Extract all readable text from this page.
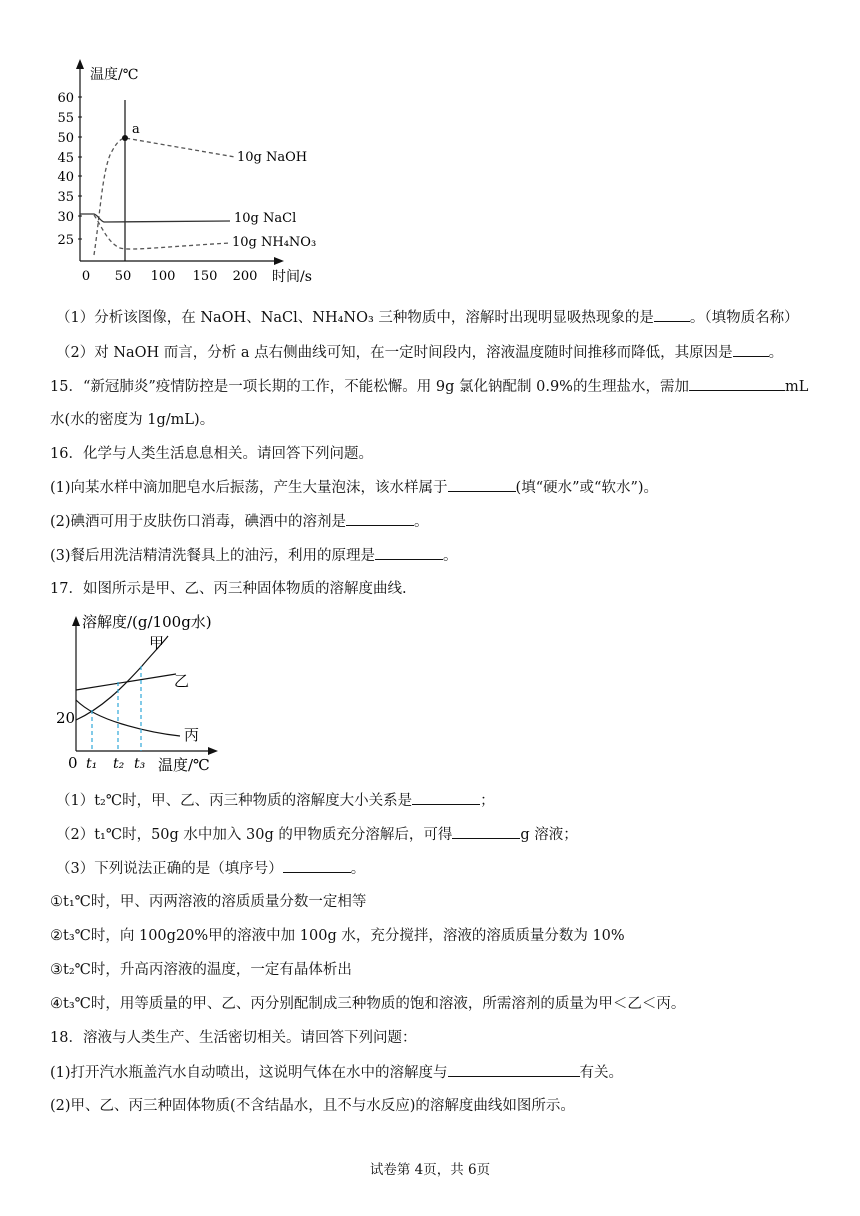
温度/℃
时间/s
60
55
50
45
40
35
30
25
0 50 100 150 200
a
10g NaOH
10g NaCl
10g NH₄NO₃
（1）分析该图像，在 NaOH、NaCl、NH₄NO₃ 三种物质中，溶解时出现明显吸热现象的是 。（填物质名称）
（2）对 NaOH 而言，分析 a 点右侧曲线可知，在一定时间段内，溶液温度随时间推移而降低，其原因是 。
15．“新冠肺炎”疫情防控是一项长期的工作，不能松懈。用 9g 氯化钠配制 0.9%的生理盐水，需加	mL
水(水的密度为 1g/mL)。
16．化学与人类生活息息相关。请回答下列问题。
(1)向某水样中滴加肥皂水后振荡，产生大量泡沫，该水样属于	(填“硬水”或“软水”)。
(2)碘酒可用于皮肤伤口消毒，碘酒中的溶剂是	。
(3)餐后用洗洁精清洗餐具上的油污，利用的原理是	。
17．如图所示是甲、乙、丙三种固体物质的溶解度曲线.
溶解度/(g/100g水)
温度/℃
20
0
甲
乙
丙
t₁ t₂ t₃
（1）t₂℃时，甲、乙、丙三种物质的溶解度大小关系是	；
（2）t₁℃时，50g 水中加入 30g 的甲物质充分溶解后，可得	g 溶液；
（3）下列说法正确的是（填序号）	。
①t₁℃时，甲、丙两溶液的溶质质量分数一定相等
②t₃℃时，向 100g20%甲的溶液中加 100g 水，充分搅拌，溶液的溶质质量分数为 10%
③t₂℃时，升高丙溶液的温度，一定有晶体析出
④t₃℃时，用等质量的甲、乙、丙分别配制成三种物质的饱和溶液，所需溶剂的质量为甲＜乙＜丙。
18．溶液与人类生产、生活密切相关。请回答下列问题：
(1)打开汽水瓶盖汽水自动喷出，这说明气体在水中的溶解度与	有关。
(2)甲、乙、丙三种固体物质(不含结晶水，且不与水反应)的溶解度曲线如图所示。
试卷第 4页，共 6页
